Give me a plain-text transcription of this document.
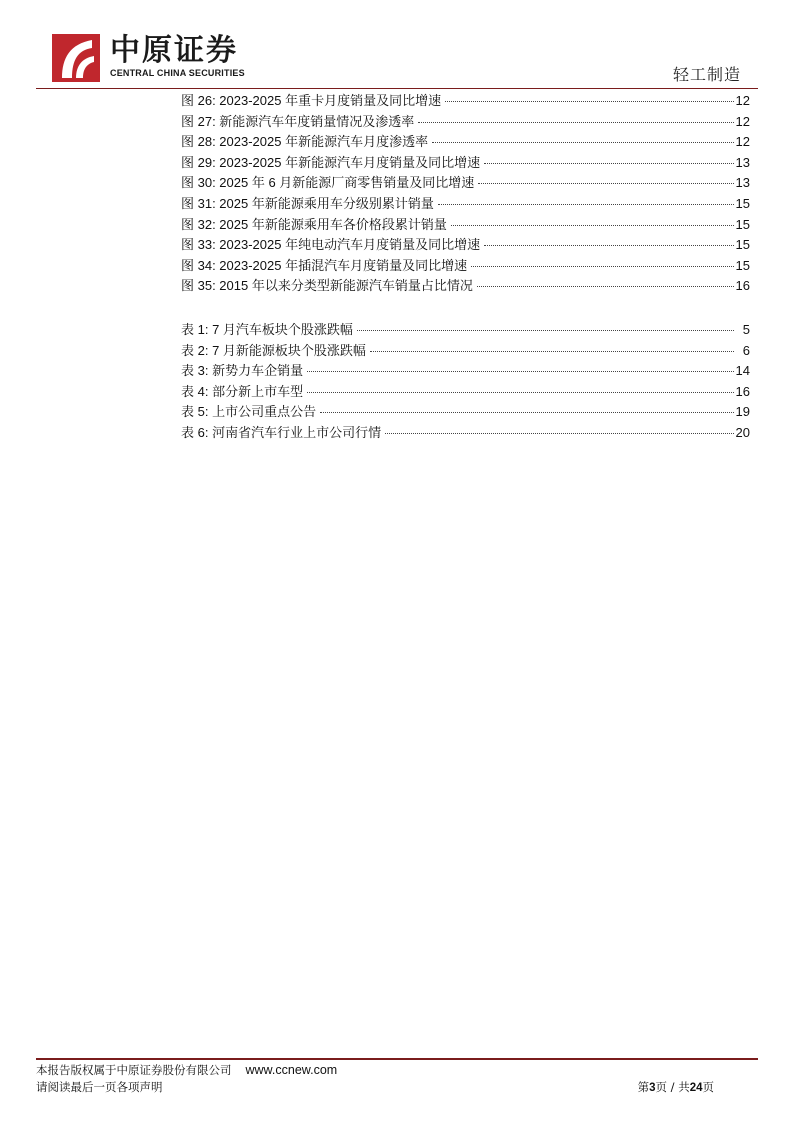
中原证券
CENTRAL CHINA SECURITIES	轻工制造
图 26: 2023-2025 年重卡月度销量及同比增速	12
图 27: 新能源汽车年度销量情况及渗透率	12
图 28: 2023-2025 年新能源汽车月度渗透率	12
图 29: 2023-2025 年新能源汽车月度销量及同比增速	13
图 30: 2025 年 6 月新能源厂商零售销量及同比增速	13
图 31: 2025 年新能源乘用车分级别累计销量	15
图 32: 2025 年新能源乘用车各价格段累计销量	15
图 33: 2023-2025 年纯电动汽车月度销量及同比增速	15
图 34: 2023-2025 年插混汽车月度销量及同比增速	15
图 35: 2015 年以来分类型新能源汽车销量占比情况	16
表 1: 7 月汽车板块个股涨跌幅	5
表 2: 7 月新能源板块个股涨跌幅	6
表 3: 新势力车企销量	14
表 4: 部分新上市车型	16
表 5: 上市公司重点公告	19
表 6: 河南省汽车行业上市公司行情	20
本报告版权属于中原证券股份有限公司 www.ccnew.com
请阅读最后一页各项声明	第3页 / 共24页
